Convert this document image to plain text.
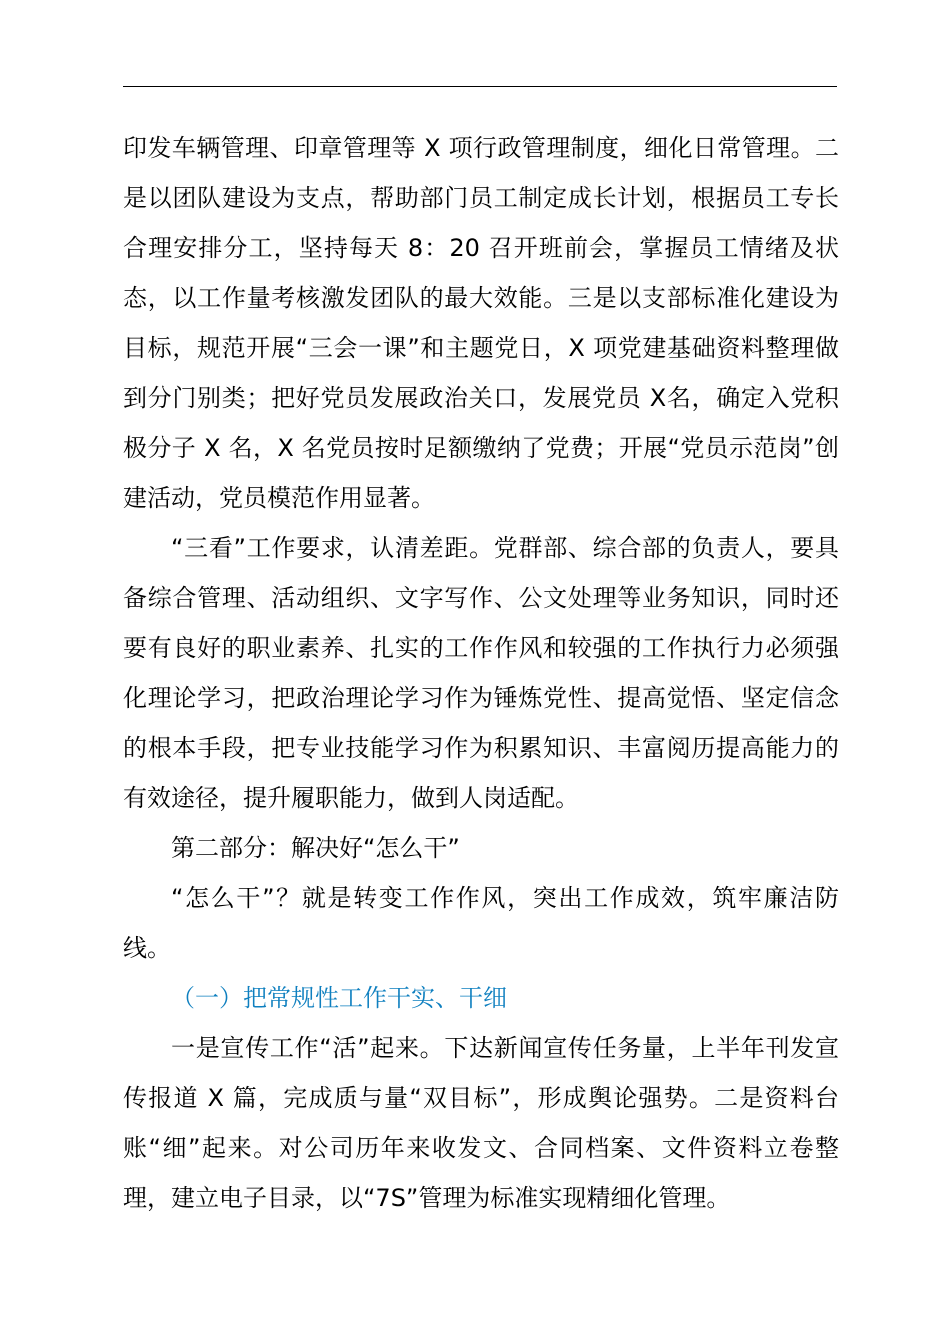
印发车辆管理、印章管理等 X 项行政管理制度，细化日常管理。二是以团队建设为支点，帮助部门员工制定成长计划，根据员工专长合理安排分工，坚持每天 8：20 召开班前会，掌握员工情绪及状态，以工作量考核激发团队的最大效能。三是以支部标准化建设为目标，规范开展“三会一课”和主题党日，X 项党建基础资料整理做到分门别类；把好党员发展政治关口，发展党员 X名，确定入党积极分子 X 名，X 名党员按时足额缴纳了党费；开展“党员示范岗”创建活动，党员模范作用显著。

“三看”工作要求，认清差距。党群部、综合部的负责人，要具备综合管理、活动组织、文字写作、公文处理等业务知识，同时还要有良好的职业素养、扎实的工作作风和较强的工作执行力必须强化理论学习，把政治理论学习作为锤炼党性、提高觉悟、坚定信念的根本手段，把专业技能学习作为积累知识、丰富阅历提高能力的有效途径，提升履职能力，做到人岗适配。

第二部分：解决好“怎么干”

“怎么干”？就是转变工作作风，突出工作成效，筑牢廉洁防线。

（一）把常规性工作干实、干细

一是宣传工作“活”起来。下达新闻宣传任务量，上半年刊发宣传报道 X 篇，完成质与量“双目标”，形成舆论强势。二是资料台账“细”起来。对公司历年来收发文、合同档案、文件资料立卷整理，建立电子目录，以“7S”管理为标准实现精细化管理。
